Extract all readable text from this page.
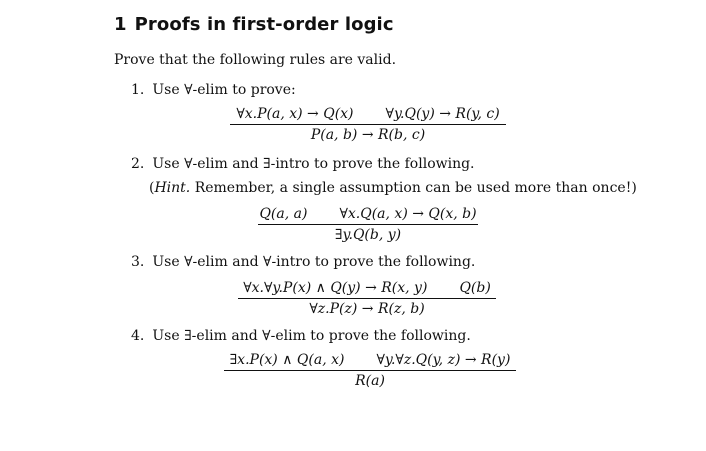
1 Proofs in first-order logic

Prove that the following rules are valid.

1. Use ∀-elim to prove:

∀x.P(a, x) → Q(x) ∀y.Q(y) → R(y, c)
P(a, b) → R(b, c)

2. Use ∀-elim and ∃-intro to prove the following.

(Hint. Remember, a single assumption can be used more than once!)

Q(a, a) ∀x.Q(a, x) → Q(x, b)
∃y.Q(b, y)

3. Use ∀-elim and ∀-intro to prove the following.

∀x.∀y.P(x) ∧ Q(y) → R(x, y) Q(b)
∀z.P(z) → R(z, b)

4. Use ∃-elim and ∀-elim to prove the following.

∃x.P(x) ∧ Q(a, x) ∀y.∀z.Q(y, z) → R(y)
R(a)
